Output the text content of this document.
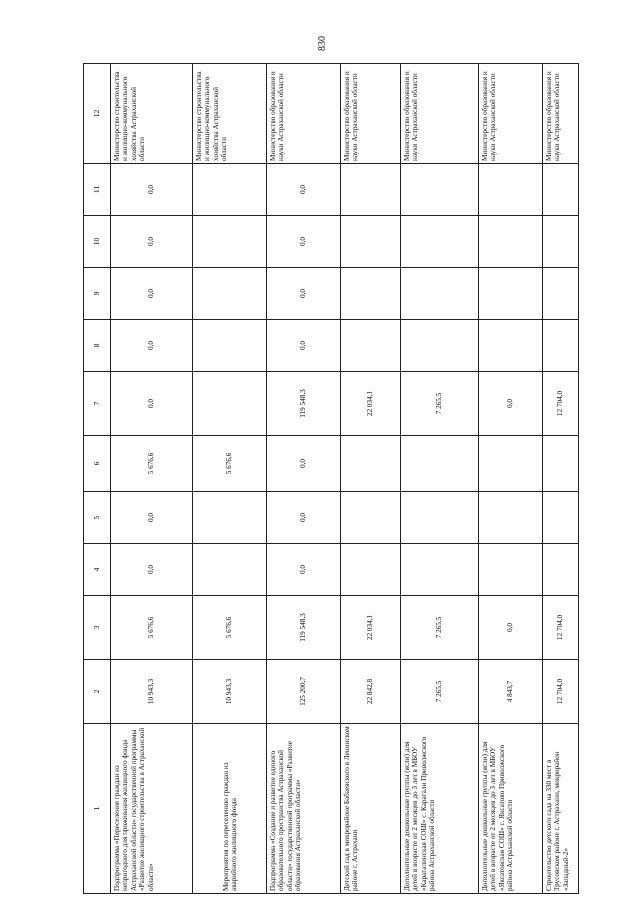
830
1	2	3	4	5	6	7	8	9	10	11	12
Подпрограмма «Переселение граждан из непригодного для проживания жилищного фонда Астраханской области» государственной программы «Развитие жилищного строительства в Астраханской области»	10 943,3	5 676,6	0,0	0,0	5 676,6	0,0	0,0	0,0	0,0	0,0	Министерство строительства и жилищно-коммунального хозяйства Астраханской области
Мероприятия по переселению граждан из аварийного жилищного фонда	10 943,3	5 676,6			5 676,6						Министерство строительства и жилищно-коммунального хозяйства Астраханской области
Подпрограмма «Создание и развитие единого образовательного пространства Астраханской области» государственной программы «Развитие образования Астраханской области»	125 200,7	119 548,3	0,0	0,0	0,0	119 548,3	0,0	0,0	0,0	0,0	Министерство образования и науки Астраханской области
Детский сад в микрорайоне Бабаевского в Ленинском районе г. Астрахани	22 842,8	22 034,1				22 034,1					Министерство образования и науки Астраханской области
Дополнительные дошкольные группы (ясли) для детей в возрасте от 2 месяцев до 3 лет в МБОУ «Карагалинская СОШ» с. Карагали Приволжского района Астраханской области	7 265,5	7 265,5				7 265,5					Министерство образования и науки Астраханской области
Дополнительные дошкольные группы (ясли) для детей в возрасте от 2 месяцев до 3 лет в МБОУ «Яксатовская СОШ» с. Яксатово Приволжского района Астраханской области	4 843,7	0,0				0,0					Министерство образования и науки Астраханской области
Строительство детского сада на 330 мест в Трусовском районе г. Астрахани, микрорайон «Западный-2»	12 704,0	12 704,0				12 704,0					Министерство образования и науки Астраханской области
